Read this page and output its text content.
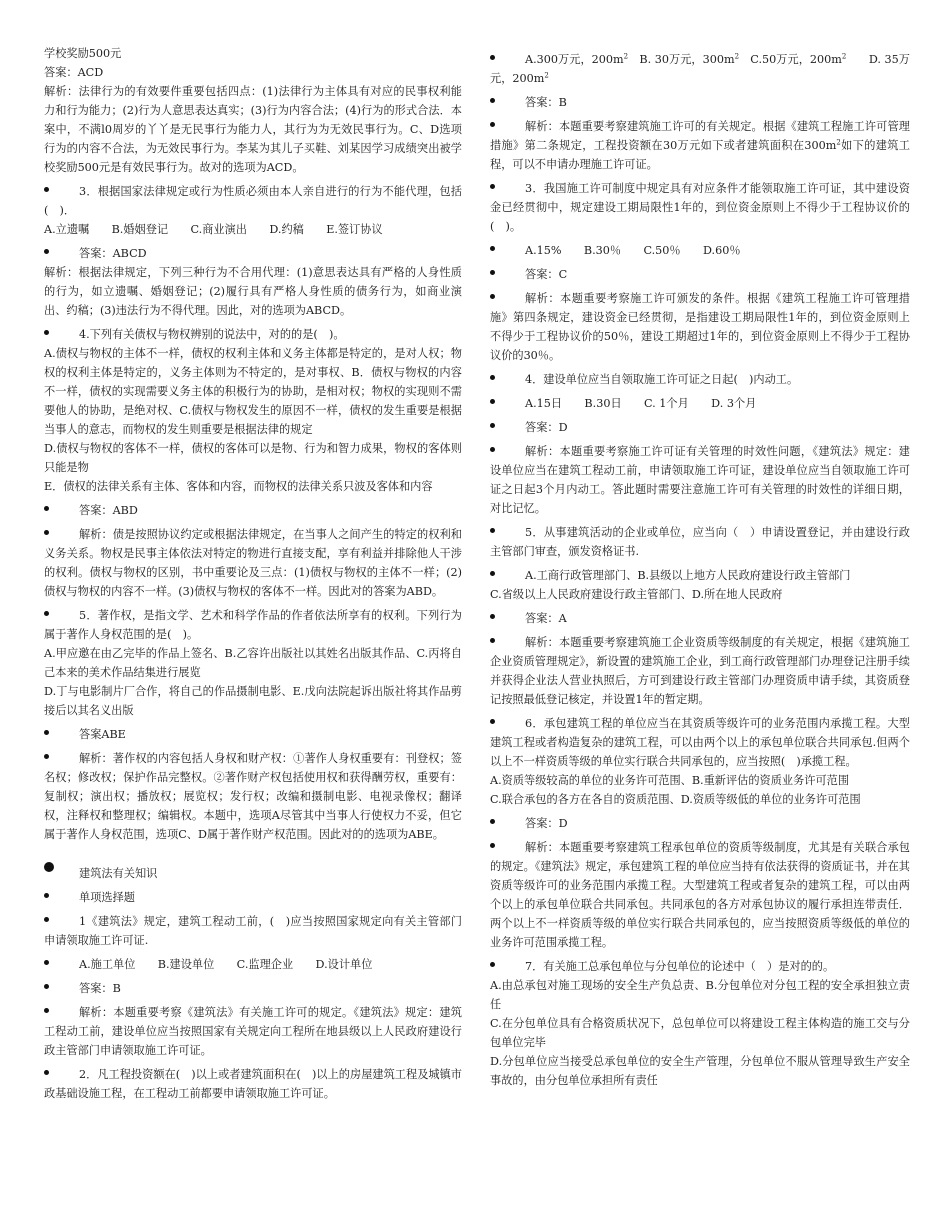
学校奖励500元

答案：ACD

解析：法律行为的有效要件重要包括四点：(1)法律行为主体具有对应的民事权利能力和行为能力；(2)行为人意思表达真实；(3)行为内容合法；(4)行为的形式合法．本案中，不满l0周岁的丫丫是无民事行为能力人，其行为为无效民事行为。C、D选项行为的内容不合法，为无效民事行为。李某为其儿子买鞋、刘某因学习成绩突出被学校奖励500元是有效民事行为。故对的选项为ACD。

3．根据国家法律规定或行为性质必须由本人亲自进行的行为不能代理，包括(　)．

A.立遗嘱　　B.婚姻登记　　C.商业演出　　D.约稿　　E.签订协议

答案：ABCD

解析：根据法律规定，下列三种行为不合用代理：(1)意思表达具有严格的人身性质的行为，如立遗嘱、婚姻登记；(2)履行具有严格人身性质的债务行为，如商业演出、约稿；(3)违法行为不得代理。因此，对的选项为ABCD。

4.下列有关债权与物权辨别的说法中，对的的是(　)。

A.债权与物权的主体不一样，债权的权利主体和义务主体都是特定的，是对人权；物权的权利主体是特定的，义务主体则为不特定的，是对事权、B．债权与物权的内容不一样，债权的实现需要义务主体的积极行为的协助，是相对权；物权的实现则不需要他人的协助，是绝对权、C.债权与物权发生的原因不一样，债权的发生重要是根据当事人的意志，而物权的发生则重要是根据法律的规定

D.债权与物权的客体不一样，债权的客体可以是物、行为和智力成果，物权的客体则只能是物

E．债权的法律关系有主体、客体和内容，而物权的法律关系只波及客体和内容

答案：ABD
解析：债是按照协议约定或根据法律规定，在当事人之间产生的特定的权利和义务关系。物权是民事主体依法对特定的物进行直接支配，享有利益并排除他人干涉的权利。债权与物权的区别，书中重要论及三点：(1)债权与物权的主体不一样；(2)债权与物权的内容不一样。(3)债权与物权的客体不一样。因此对的答案为ABD。
5．著作权，是指文学、艺术和科学作品的作者依法所享有的权利。下列行为属于著作人身权范围的是(　)。

A.甲应邀在由乙完毕的作品上签名、B.乙容许出版社以其姓名出版其作品、C.丙将自己本来的美术作品结集进行展览

D.丁与电影制片厂合作，将自己的作品摄制电影、E.戊向法院起诉出版社将其作品剪接后以其名义出版

答案ABE
解析：著作权的内容包括人身权和财产权：①著作人身权重要有：刊登权；签名权；修改权；保护作品完整权。②著作财产权包括使用权和获得酬劳权，重要有：复制权；演出权；播放权；展览权；发行权；改编和摄制电影、电视录像权；翻译权，注释权和整理权；编辑权。本题中，选项A尽管其中当事人行使权力不妥，但它属于著作人身权范围，选项C、D属于著作财产权范围。因此对的的选项为ABE。
建筑法有关知识
单项选择题
1《建筑法》规定，建筑工程动工前，(　)应当按照国家规定向有关主管部门申请领取施工许可证.
A.施工单位　　B.建设单位　　C.监理企业　　D.设计单位
答案：B
解析：本题重要考察《建筑法》有关施工许可的规定。《建筑法》规定：建筑工程动工前，建设单位应当按照国家有关规定向工程所在地县级以上人民政府建设行政主管部门申请领取施工许可证。
2．凡工程投资额在(　)以上或者建筑面积在(　)以上的房屋建筑工程及城镇市政基础设施工程，在工程动工前都要申请领取施工许可证。
A.300万元，$200m^2$　B. 30万元，$300m^2$　C.50万元，$200m^2$　　D. 35万元，$200m^2$
答案：B
解析：本题重要考察建筑施工许可的有关规定。根据《建筑工程施工许可管理措施》第二条规定，工程投资额在30万元如下或者建筑面积在$300m^2$如下的建筑工程，可以不申请办理施工许可证。
3．我国施工许可制度中规定具有对应条件才能领取施工许可证，其中建设资金已经贯彻中，规定建设工期局限性1年的，到位资金原则上不得少于工程协议价的(　)。
A.15%　　B.30％　　C.50％　　D.60％
答案：C
解析：本题重要考察施工许可颁发的条件。根据《建筑工程施工许可管理措施》第四条规定，建设资金已经贯彻，是指建设工期局限性1年的，到位资金原则上不得少于工程协议价的50％，建设工期超过1年的，到位资金原则上不得少于工程协议价的30％。
4．建设单位应当自领取施工许可证之日起(　)内动工。
A.15日　　B.30日　　C. 1个月　　D. 3个月
答案：D
解析：本题重要考察施工许可证有关管理的时效性问题，《建筑法》规定：建设单位应当在建筑工程动工前，申请领取施工许可证，建设单位应当自领取施工许可证之日起3个月内动工。答此题时需要注意施工许可有关管理的时效性的详细日期，对比记忆。
5．从事建筑活动的企业或单位，应当向（　）申请设置登记，并由建设行政主管部门审查，颁发资格证书.
A.工商行政管理部门、B.县级以上地方人民政府建设行政主管部门

C.省级以上人民政府建设行政主管部门、D.所在地人民政府

答案：A
解析：本题重要考察建筑施工企业资质等级制度的有关规定，根据《建筑施工企业资质管理规定》，新设置的建筑施工企业，到工商行政管理部门办理登记注册手续并获得企业法人营业执照后，方可到建设行政主管部门办理资质申请手续，其资质登记按照最低登记核定，并设置1年的暂定期。
6．承包建筑工程的单位应当在其资质等级许可的业务范围内承揽工程。大型建筑工程或者构造复杂的建筑工程，可以由两个以上的承包单位联合共同承包.但两个以上不一样资质等级的单位实行联合共同承包的，应当按照(　)承揽工程。

A.资质等级较高的单位的业务许可范围、B.重新评估的资质业务许可范围

C.联合承包的各方在各自的资质范围、D.资质等级低的单位的业务许可范围

答案：D
解析：本题重要考察建筑工程承包单位的资质等级制度，尤其是有关联合承包的规定。《建筑法》规定，承包建筑工程的单位应当持有依法获得的资质证书，并在其资质等级许可的业务范围内承揽工程。大型建筑工程或者复杂的建筑工程，可以由两个以上的承包单位联合共同承包。共同承包的各方对承包协议的履行承担连带责任．两个以上不一样资质等级的单位实行联合共同承包的，应当按照资质等级低的单位的业务许可范围承揽工程。
7．有关施工总承包单位与分包单位的论述中（　）是对的的。

A.由总承包对施工现场的安全生产负总责、B.分包单位对分包工程的安全承担独立责任

C.在分包单位具有合格资质状况下，总包单位可以将建设工程主体构造的施工交与分包单位完毕

D.分包单位应当接受总承包单位的安全生产管理，分包单位不服从管理导致生产安全事故的，由分包单位承担所有责任
